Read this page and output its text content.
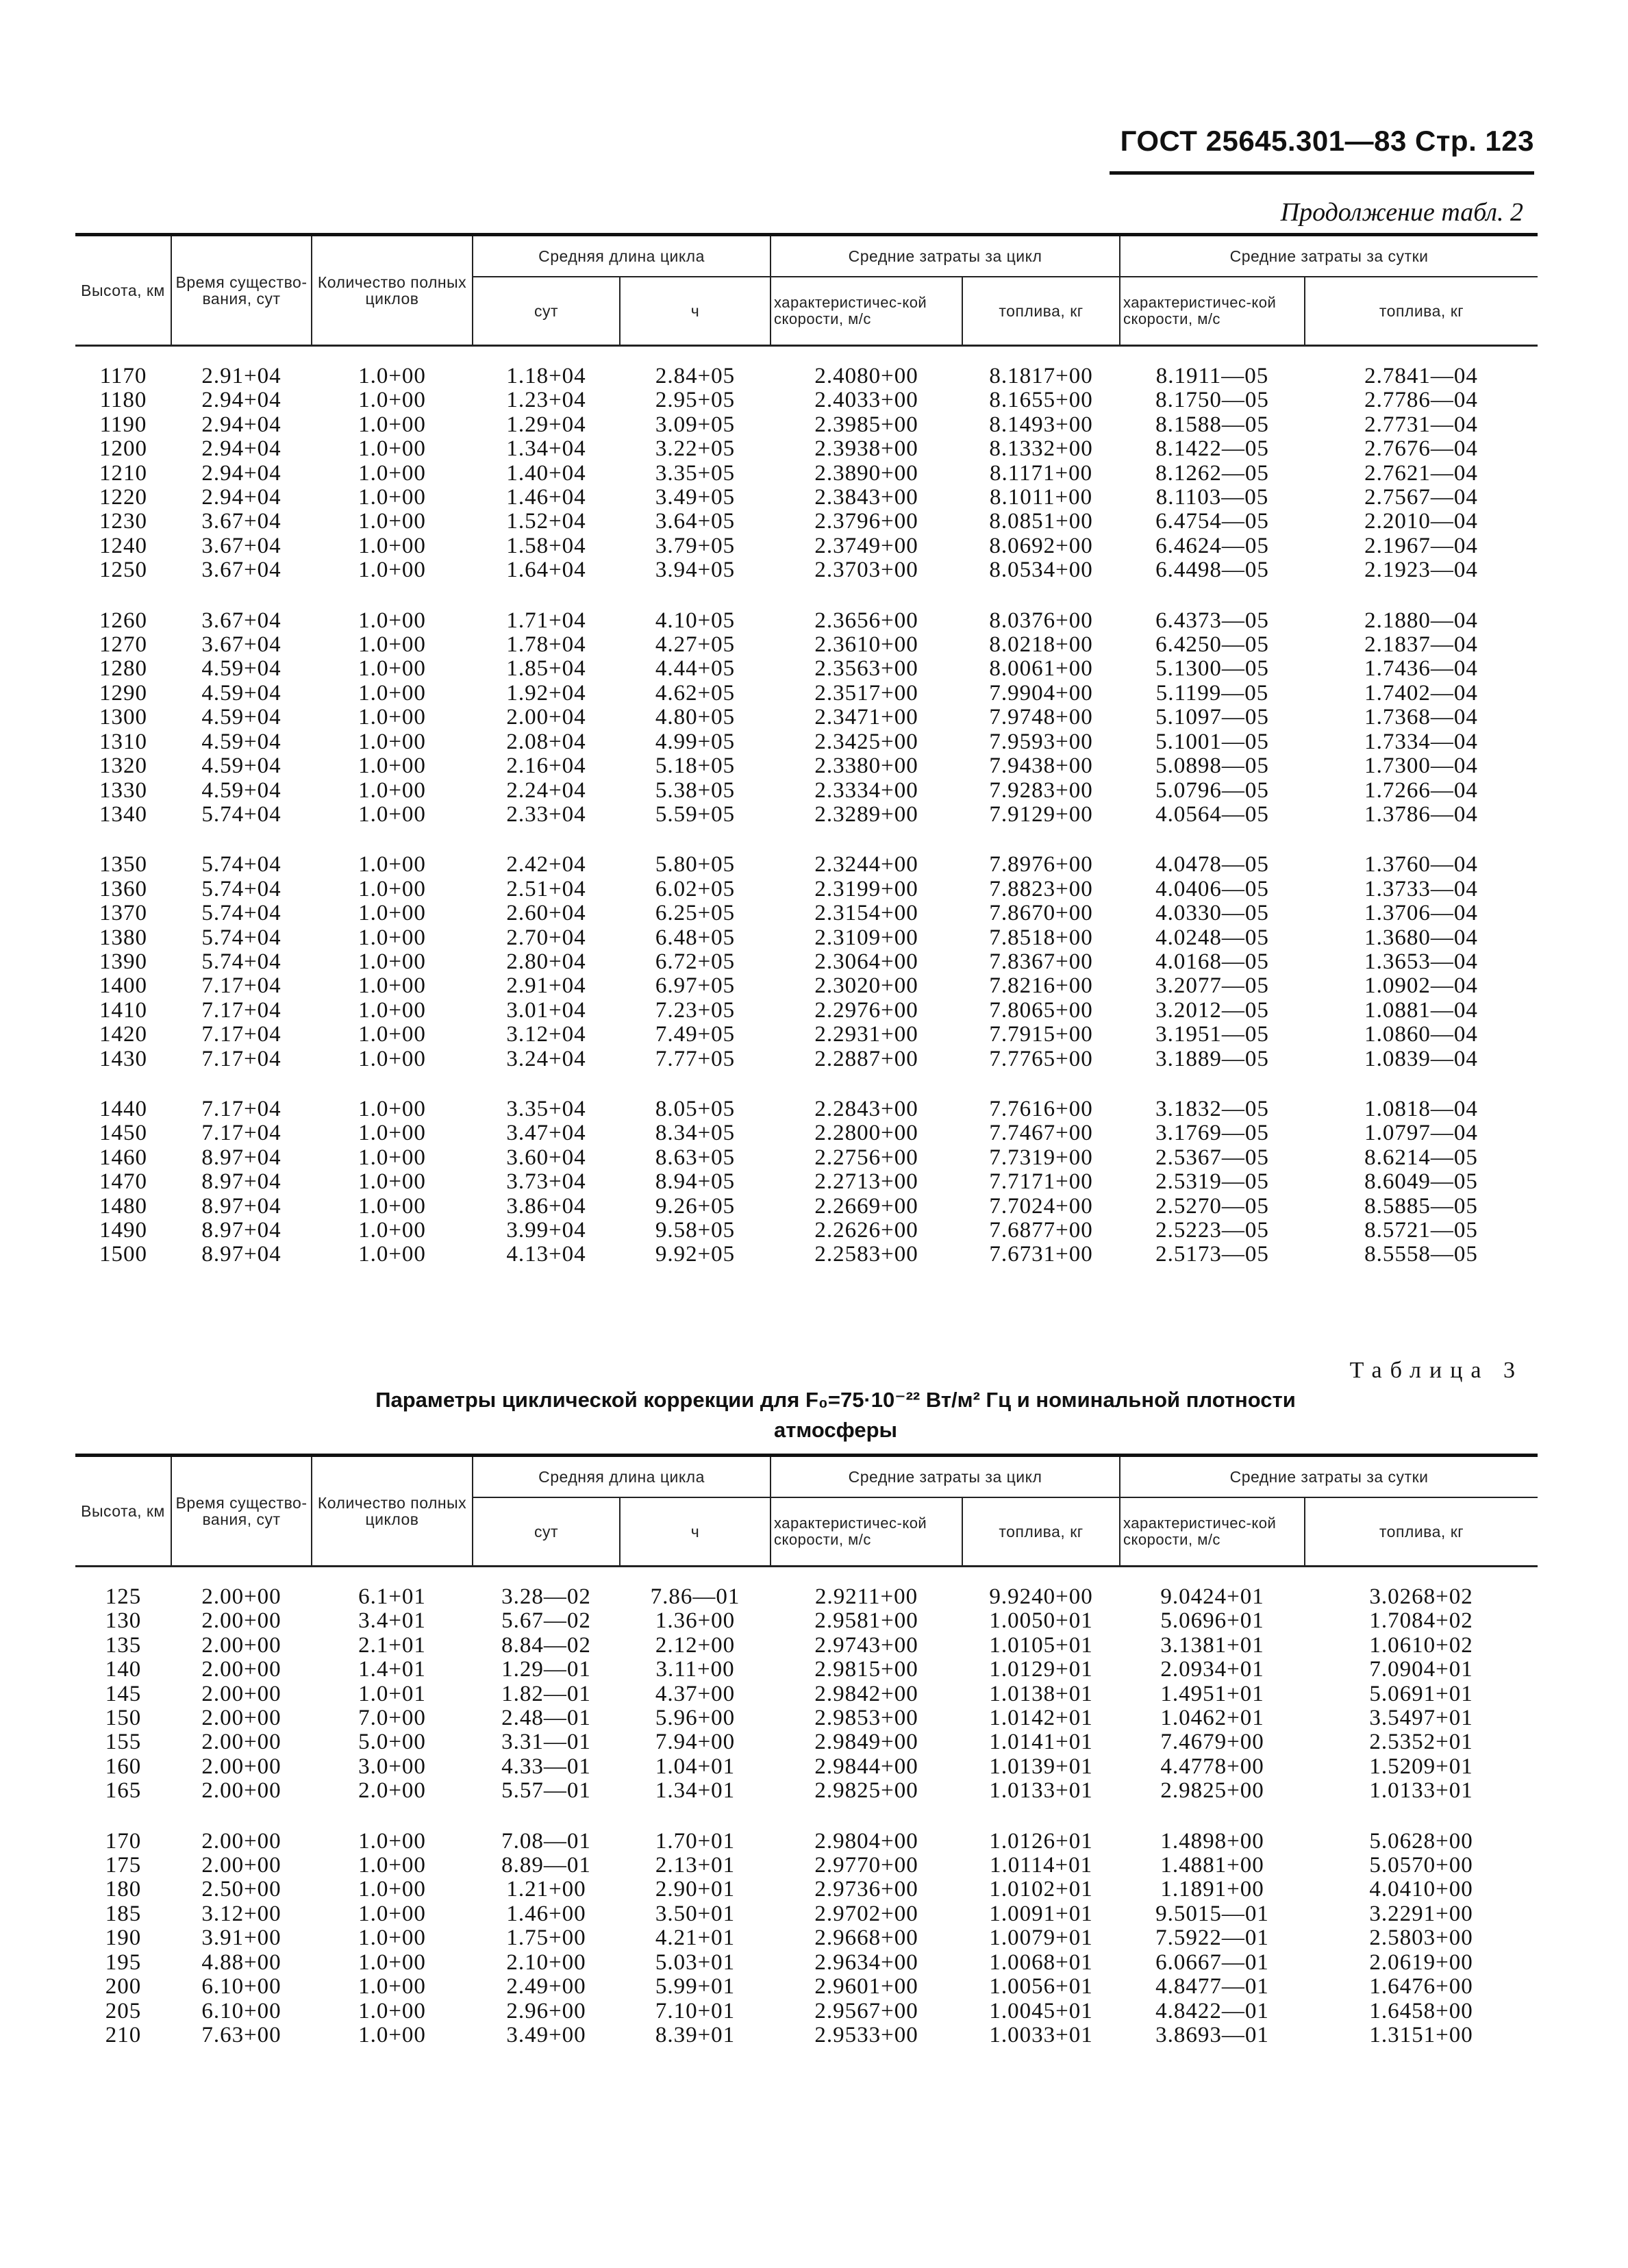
ГОСТ 25645.301—83 Стр. 123
Продолжение табл. 2
Высота, км	Время существо-вания, сут	Количество полных циклов	Средняя длина цикла		Средние затраты за цикл		Средние затраты за сутки	
			сут	ч	характеристичес-кой скорости, м/с	топлива, кг	характеристичес-кой скорости, м/с	топлива, кг
1170	2.91+04	1.0+00	1.18+04	2.84+05	2.4080+00	8.1817+00	8.1911—05	2.7841—04
1180	2.94+04	1.0+00	1.23+04	2.95+05	2.4033+00	8.1655+00	8.1750—05	2.7786—04
1190	2.94+04	1.0+00	1.29+04	3.09+05	2.3985+00	8.1493+00	8.1588—05	2.7731—04
1200	2.94+04	1.0+00	1.34+04	3.22+05	2.3938+00	8.1332+00	8.1422—05	2.7676—04
1210	2.94+04	1.0+00	1.40+04	3.35+05	2.3890+00	8.1171+00	8.1262—05	2.7621—04
1220	2.94+04	1.0+00	1.46+04	3.49+05	2.3843+00	8.1011+00	8.1103—05	2.7567—04
1230	3.67+04	1.0+00	1.52+04	3.64+05	2.3796+00	8.0851+00	6.4754—05	2.2010—04
1240	3.67+04	1.0+00	1.58+04	3.79+05	2.3749+00	8.0692+00	6.4624—05	2.1967—04
1250	3.67+04	1.0+00	1.64+04	3.94+05	2.3703+00	8.0534+00	6.4498—05	2.1923—04
1260	3.67+04	1.0+00	1.71+04	4.10+05	2.3656+00	8.0376+00	6.4373—05	2.1880—04
1270	3.67+04	1.0+00	1.78+04	4.27+05	2.3610+00	8.0218+00	6.4250—05	2.1837—04
1280	4.59+04	1.0+00	1.85+04	4.44+05	2.3563+00	8.0061+00	5.1300—05	1.7436—04
1290	4.59+04	1.0+00	1.92+04	4.62+05	2.3517+00	7.9904+00	5.1199—05	1.7402—04
1300	4.59+04	1.0+00	2.00+04	4.80+05	2.3471+00	7.9748+00	5.1097—05	1.7368—04
1310	4.59+04	1.0+00	2.08+04	4.99+05	2.3425+00	7.9593+00	5.1001—05	1.7334—04
1320	4.59+04	1.0+00	2.16+04	5.18+05	2.3380+00	7.9438+00	5.0898—05	1.7300—04
1330	4.59+04	1.0+00	2.24+04	5.38+05	2.3334+00	7.9283+00	5.0796—05	1.7266—04
1340	5.74+04	1.0+00	2.33+04	5.59+05	2.3289+00	7.9129+00	4.0564—05	1.3786—04
1350	5.74+04	1.0+00	2.42+04	5.80+05	2.3244+00	7.8976+00	4.0478—05	1.3760—04
1360	5.74+04	1.0+00	2.51+04	6.02+05	2.3199+00	7.8823+00	4.0406—05	1.3733—04
1370	5.74+04	1.0+00	2.60+04	6.25+05	2.3154+00	7.8670+00	4.0330—05	1.3706—04
1380	5.74+04	1.0+00	2.70+04	6.48+05	2.3109+00	7.8518+00	4.0248—05	1.3680—04
1390	5.74+04	1.0+00	2.80+04	6.72+05	2.3064+00	7.8367+00	4.0168—05	1.3653—04
1400	7.17+04	1.0+00	2.91+04	6.97+05	2.3020+00	7.8216+00	3.2077—05	1.0902—04
1410	7.17+04	1.0+00	3.01+04	7.23+05	2.2976+00	7.8065+00	3.2012—05	1.0881—04
1420	7.17+04	1.0+00	3.12+04	7.49+05	2.2931+00	7.7915+00	3.1951—05	1.0860—04
1430	7.17+04	1.0+00	3.24+04	7.77+05	2.2887+00	7.7765+00	3.1889—05	1.0839—04
1440	7.17+04	1.0+00	3.35+04	8.05+05	2.2843+00	7.7616+00	3.1832—05	1.0818—04
1450	7.17+04	1.0+00	3.47+04	8.34+05	2.2800+00	7.7467+00	3.1769—05	1.0797—04
1460	8.97+04	1.0+00	3.60+04	8.63+05	2.2756+00	7.7319+00	2.5367—05	8.6214—05
1470	8.97+04	1.0+00	3.73+04	8.94+05	2.2713+00	7.7171+00	2.5319—05	8.6049—05
1480	8.97+04	1.0+00	3.86+04	9.26+05	2.2669+00	7.7024+00	2.5270—05	8.5885—05
1490	8.97+04	1.0+00	3.99+04	9.58+05	2.2626+00	7.6877+00	2.5223—05	8.5721—05
1500	8.97+04	1.0+00	4.13+04	9.92+05	2.2583+00	7.6731+00	2.5173—05	8.5558—05
Таблица 3
Параметры циклической коррекции для F₀=75·10⁻²² Вт/м² Гц и номинальной плотности
атмосферы
Высота, км	Время существо-вания, сут	Количество полных циклов	Средняя длина цикла		Средние затраты за цикл		Средние затраты за сутки	
			сут	ч	характеристичес-кой скорости, м/с	топлива, кг	характеристичес-кой скорости, м/с	топлива, кг
125	2.00+00	6.1+01	3.28—02	7.86—01	2.9211+00	9.9240+00	9.0424+01	3.0268+02
130	2.00+00	3.4+01	5.67—02	1.36+00	2.9581+00	1.0050+01	5.0696+01	1.7084+02
135	2.00+00	2.1+01	8.84—02	2.12+00	2.9743+00	1.0105+01	3.1381+01	1.0610+02
140	2.00+00	1.4+01	1.29—01	3.11+00	2.9815+00	1.0129+01	2.0934+01	7.0904+01
145	2.00+00	1.0+01	1.82—01	4.37+00	2.9842+00	1.0138+01	1.4951+01	5.0691+01
150	2.00+00	7.0+00	2.48—01	5.96+00	2.9853+00	1.0142+01	1.0462+01	3.5497+01
155	2.00+00	5.0+00	3.31—01	7.94+00	2.9849+00	1.0141+01	7.4679+00	2.5352+01
160	2.00+00	3.0+00	4.33—01	1.04+01	2.9844+00	1.0139+01	4.4778+00	1.5209+01
165	2.00+00	2.0+00	5.57—01	1.34+01	2.9825+00	1.0133+01	2.9825+00	1.0133+01
170	2.00+00	1.0+00	7.08—01	1.70+01	2.9804+00	1.0126+01	1.4898+00	5.0628+00
175	2.00+00	1.0+00	8.89—01	2.13+01	2.9770+00	1.0114+01	1.4881+00	5.0570+00
180	2.50+00	1.0+00	1.21+00	2.90+01	2.9736+00	1.0102+01	1.1891+00	4.0410+00
185	3.12+00	1.0+00	1.46+00	3.50+01	2.9702+00	1.0091+01	9.5015—01	3.2291+00
190	3.91+00	1.0+00	1.75+00	4.21+01	2.9668+00	1.0079+01	7.5922—01	2.5803+00
195	4.88+00	1.0+00	2.10+00	5.03+01	2.9634+00	1.0068+01	6.0667—01	2.0619+00
200	6.10+00	1.0+00	2.49+00	5.99+01	2.9601+00	1.0056+01	4.8477—01	1.6476+00
205	6.10+00	1.0+00	2.96+00	7.10+01	2.9567+00	1.0045+01	4.8422—01	1.6458+00
210	7.63+00	1.0+00	3.49+00	8.39+01	2.9533+00	1.0033+01	3.8693—01	1.3151+00
